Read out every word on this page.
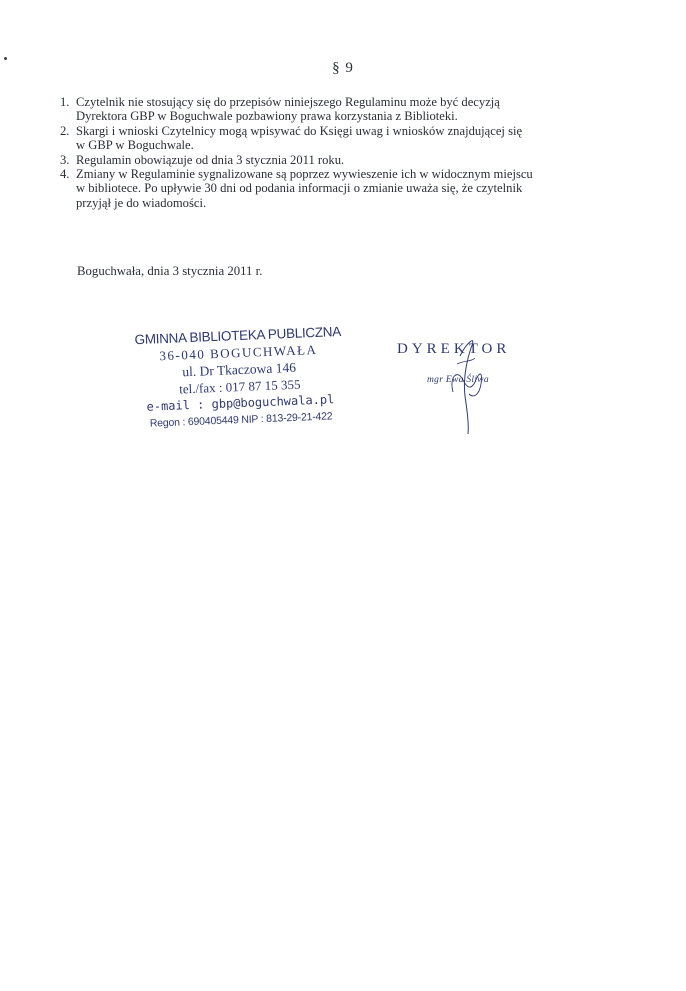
§ 9
1. Czytelnik nie stosujący się do przepisów niniejszego Regulaminu może być decyzją
Dyrektora GBP w Boguchwale pozbawiony prawa korzystania z Biblioteki.
2. Skargi i wnioski Czytelnicy mogą wpisywać do Księgi uwag i wniosków znajdującej się
w GBP w Boguchwale.
3. Regulamin obowiązuje od dnia 3 stycznia 2011 roku.
4. Zmiany w Regulaminie sygnalizowane są poprzez wywieszenie ich w widocznym miejscu
w bibliotece. Po upływie 30 dni od podania informacji o zmianie uważa się, że czytelnik
przyjął je do wiadomości.
Boguchwała, dnia 3 stycznia 2011 r.
GMINNA BIBLIOTEKA PUBLICZNA
36-040 BOGUCHWAŁA
ul. Dr Tkaczowa 146
tel./fax : 017 87 15 355
e-mail : gbp@boguchwala.pl
Regon : 690405449 NIP : 813-29-21-422
DYREKTOR
mgr Ewa Śliwa
